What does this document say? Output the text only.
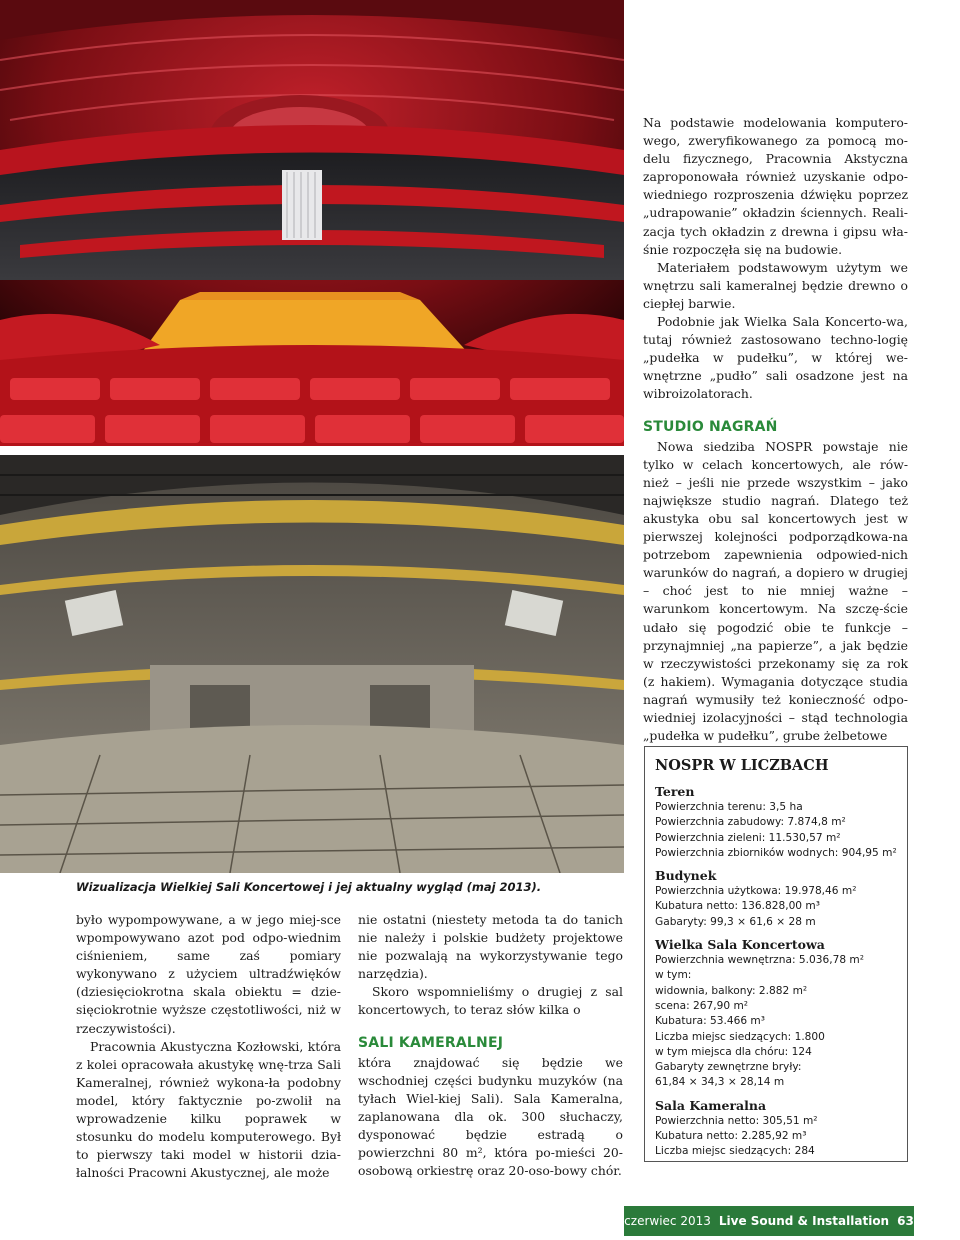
Wizualizacja Wielkiej Sali Koncertowej i jej aktualny wygląd (maj 2013).

Na podstawie modelowania komputero-wego, zweryfikowanego za pomocą mo-delu fizycznego, Pracownia Akstyczna zaproponowała również uzyskanie odpo-wiedniego rozproszenia dźwięku poprzez „udrapowanie” okładzin ściennych. Reali-zacja tych okładzin z drewna i gipsu wła-śnie rozpoczęła się na budowie.

Materiałem podstawowym użytym we wnętrzu sali kameralnej będzie drewno o ciepłej barwie.

Podobnie jak Wielka Sala Koncerto-wa, tutaj również zastosowano techno-logię „pudełka w pudełku”, w której we-wnętrzne „pudło” sali osadzone jest na wibroizolatorach.

STUDIO NAGRAŃ

Nowa siedziba NOSPR powstaje nie tylko w celach koncertowych, ale rów-nież – jeśli nie przede wszystkim – jako największe studio nagrań. Dlatego też akustyka obu sal koncertowych jest w pierwszej kolejności podporządkowa-na potrzebom zapewnienia odpowied-nich warunków do nagrań, a dopiero w drugiej – choć jest to nie mniej ważne – warunkom koncertowym. Na szczę-ście udało się pogodzić obie te funkcje – przynajmniej „na papierze”, a jak będzie w rzeczywistości przekonamy się za rok (z hakiem). Wymagania dotyczące studia nagrań wymusiły też konieczność odpo-wiedniej izolacyjności – stąd technologia „pudełka w pudełku”, grube żelbetowe

było wypompowywane, a w jego miej-sce wpompowywano azot pod odpo-wiednim ciśnieniem, same zaś pomiary wykonywano z użyciem ultradźwięków (dziesięciokrotna skala obiektu = dzie-sięciokrotnie wyższe częstotliwości, niż w rzeczywistości).

Pracownia Akustyczna Kozłowski, która z kolei opracowała akustykę wnę-trza Sali Kameralnej, również wykona-ła podobny model, który faktycznie po-zwolił na wprowadzenie kilku poprawek w stosunku do modelu komputerowego. Był to pierwszy taki model w historii dzia-łalności Pracowni Akustycznej, ale może

nie ostatni (niestety metoda ta do tanich nie należy i polskie budżety projektowe nie pozwalają na wykorzystywanie tego narzędzia).

Skoro wspomnieliśmy o drugiej z sal koncertowych, to teraz słów kilka o

SALI KAMERALNEJ

która znajdować się będzie we wschodniej części budynku muzyków (na tyłach Wiel-kiej Sali). Sala Kameralna, zaplanowana dla ok. 300 słuchaczy, dysponować będzie estradą o powierzchni 80 m², która po-mieści 20-osobową orkiestrę oraz 20-oso-bowy chór.

NOSPR W LICZBACH
Teren
Powierzchnia terenu: 3,5 ha
Powierzchnia zabudowy: 7.874,8 m²
Powierzchnia zieleni: 11.530,57 m²
Powierzchnia zbiorników wodnych: 904,95 m²
Budynek
Powierzchnia użytkowa: 19.978,46 m²
Kubatura netto: 136.828,00 m³
Gabaryty: 99,3 × 61,6 × 28 m
Wielka Sala Koncertowa
Powierzchnia wewnętrzna: 5.036,78 m²
w tym:
widownia, balkony: 2.882 m²
scena: 267,90 m²
Kubatura: 53.466 m³
Liczba miejsc siedzących: 1.800
w tym miejsca dla chóru: 124
Gabaryty zewnętrzne bryły:
61,84 × 34,3 × 28,14 m
Sala Kameralna
Powierzchnia netto: 305,51 m²
Kubatura netto: 2.285,92 m³
Liczba miejsc siedzących: 284
czerwiec 2013 Live Sound & Installation 63
